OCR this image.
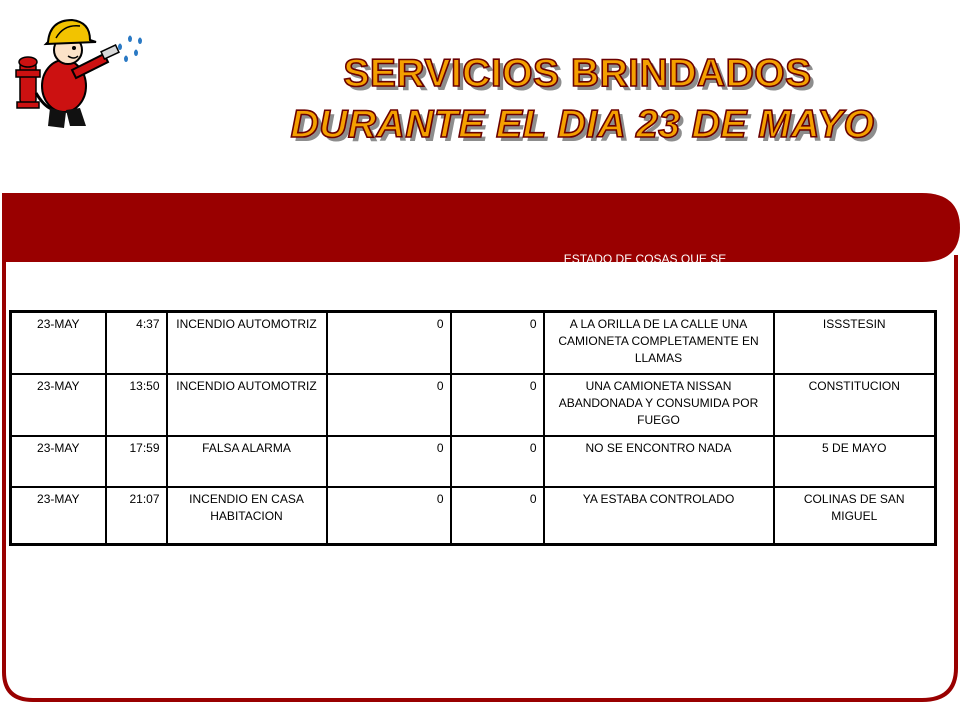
SERVICIOS BRINDADOS
DURANTE EL DIA 23 DE MAYO
DIA	HORA	SERVICIO	HERIDOS	MUERTOS
ESTADO DE COSAS QUE SE ENCONTRARON	COLONIA
23-MAY	4:37	INCENDIO AUTOMOTRIZ	0	0	A LA ORILLA DE LA CALLE UNA CAMIONETA COMPLETAMENTE EN LLAMAS	ISSSTESIN
23-MAY	13:50	INCENDIO AUTOMOTRIZ	0	0	UNA CAMIONETA NISSAN ABANDONADA Y CONSUMIDA POR FUEGO	CONSTITUCION
23-MAY	17:59	FALSA ALARMA	0	0	NO SE ENCONTRO NADA	5 DE MAYO
23-MAY	21:07	INCENDIO EN CASA HABITACION	0	0	YA ESTABA CONTROLADO	COLINAS DE SAN MIGUEL
